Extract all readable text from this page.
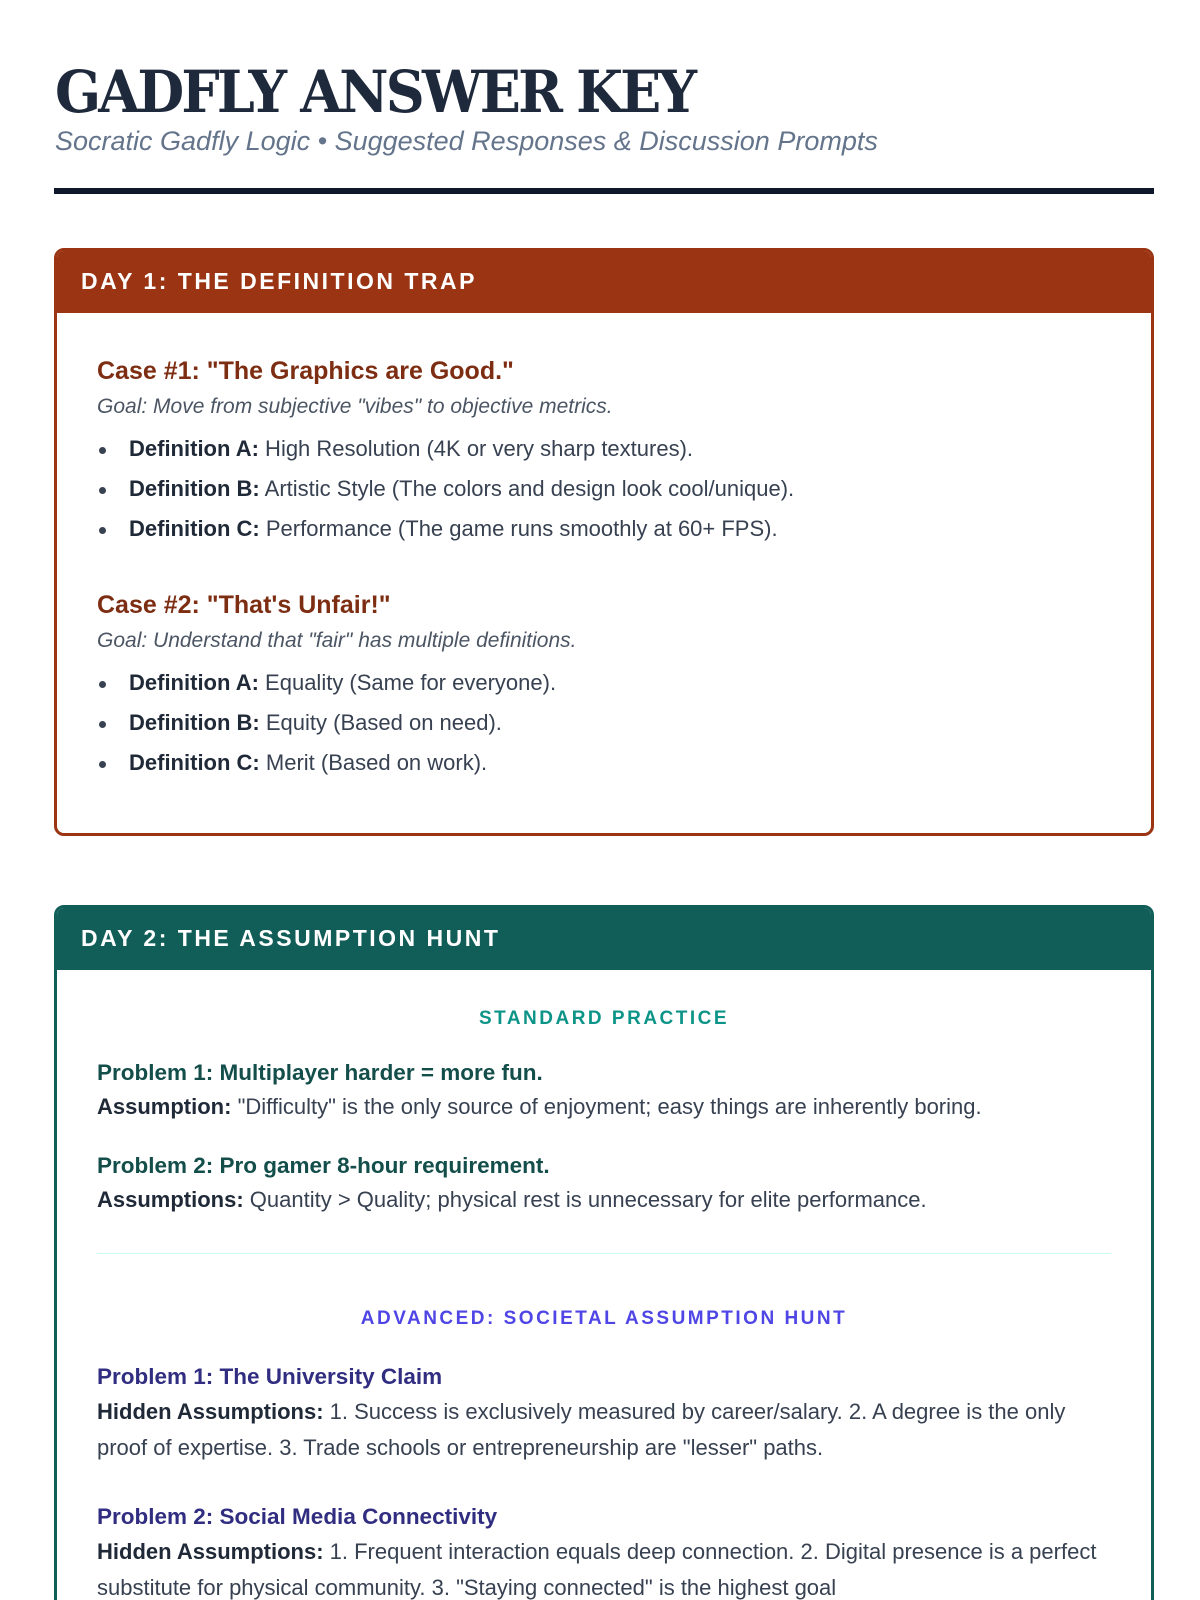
GADFLY ANSWER KEY
Socratic Gadfly Logic • Suggested Responses & Discussion Prompts
DAY 1: THE DEFINITION TRAP
Case #1: "The Graphics are Good."
Goal: Move from subjective "vibes" to objective metrics.
Definition A: High Resolution (4K or very sharp textures).
Definition B: Artistic Style (The colors and design look cool/unique).
Definition C: Performance (The game runs smoothly at 60+ FPS).
Case #2: "That's Unfair!"
Goal: Understand that "fair" has multiple definitions.
Definition A: Equality (Same for everyone).
Definition B: Equity (Based on need).
Definition C: Merit (Based on work).
DAY 2: THE ASSUMPTION HUNT
STANDARD PRACTICE
Problem 1: Multiplayer harder = more fun.
Assumption: "Difficulty" is the only source of enjoyment; easy things are inherently boring.
Problem 2: Pro gamer 8-hour requirement.
Assumptions: Quantity > Quality; physical rest is unnecessary for elite performance.
ADVANCED: SOCIETAL ASSUMPTION HUNT
Problem 1: The University Claim
Hidden Assumptions: 1. Success is exclusively measured by career/salary. 2. A degree is the only proof of expertise. 3. Trade schools or entrepreneurship are "lesser" paths.
Problem 2: Social Media Connectivity
Hidden Assumptions: 1. Frequent interaction equals deep connection. 2. Digital presence is a perfect substitute for physical community. 3. "Staying connected" is the highest goal
